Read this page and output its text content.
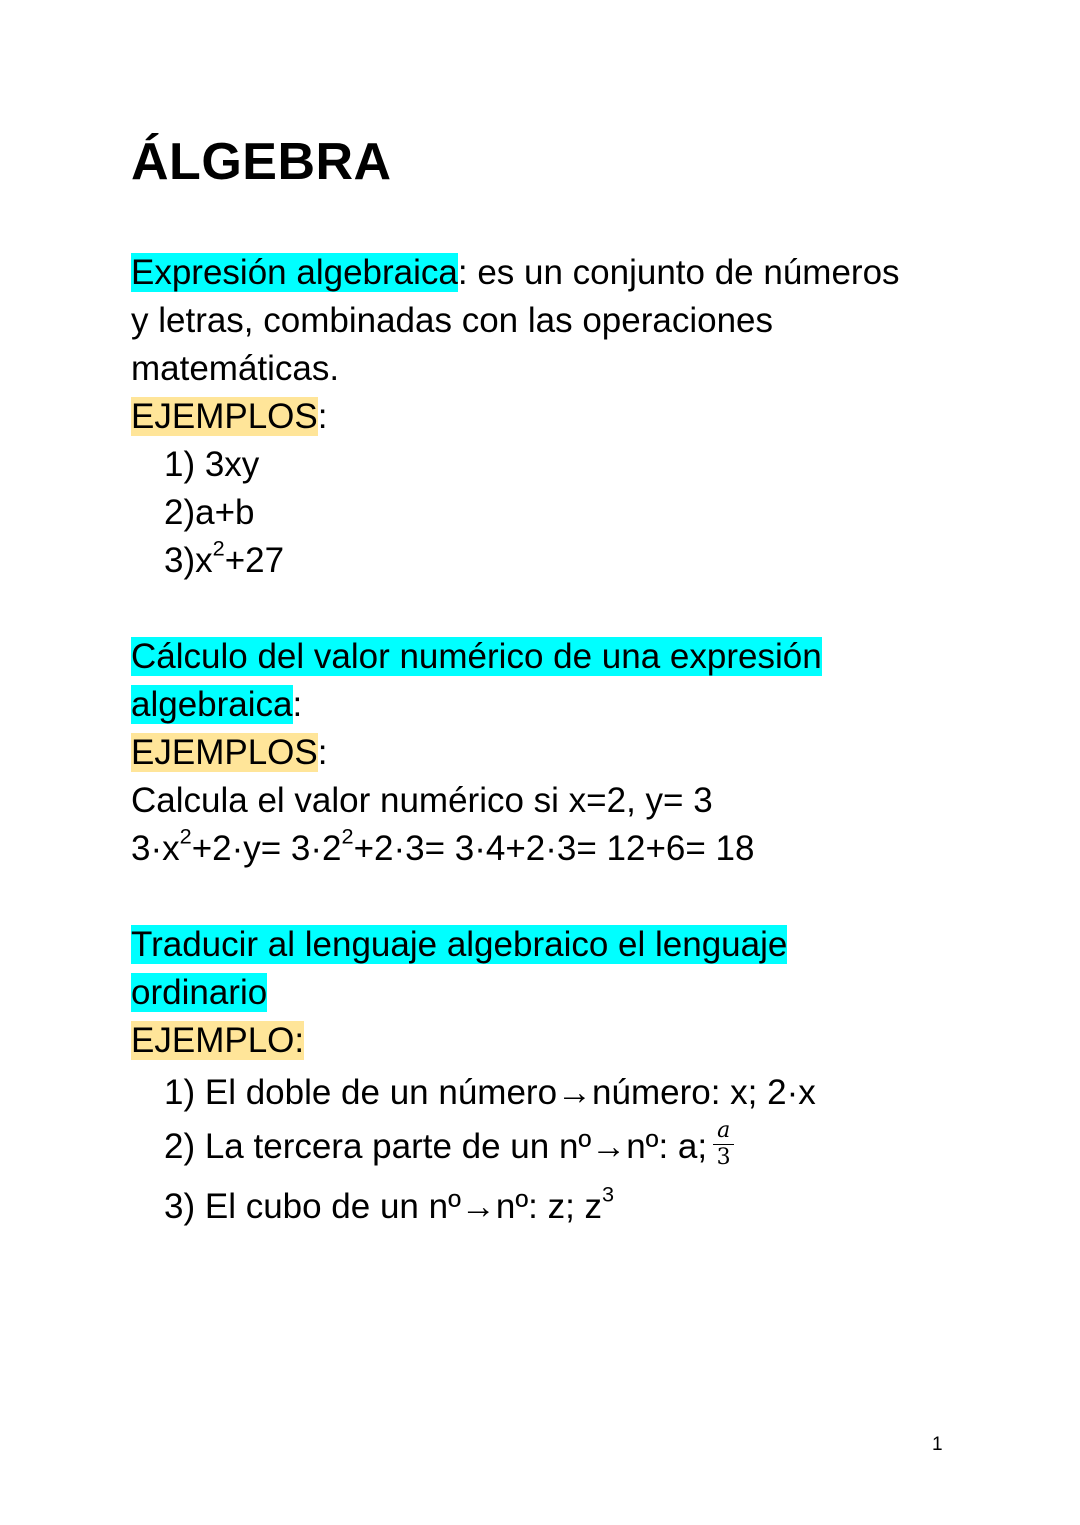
ÁLGEBRA

Expresión algebraica: es un conjunto de números
y letras, combinadas con las operaciones
matemáticas.

EJEMPLOS:

1) 3xy

2)a+b

$3)x^2+27$

Cálculo del valor numérico de una expresión
algebraica:

EJEMPLOS:

Calcula el valor numérico si x=2, y= 3

$3\cdot x^2+2\cdot y= 3\cdot 2^2+2\cdot 3= 3\cdot 4+2\cdot 3= 12+6= 18$

Traducir al lenguaje algebraico el lenguaje
ordinario

EJEMPLO:

1) El doble de un número→número: x; 2·x

2) La tercera parte de un nº→nº: a; $\frac{a}{3}$

3) El cubo de un nº→nº: z; $z^3$

1
